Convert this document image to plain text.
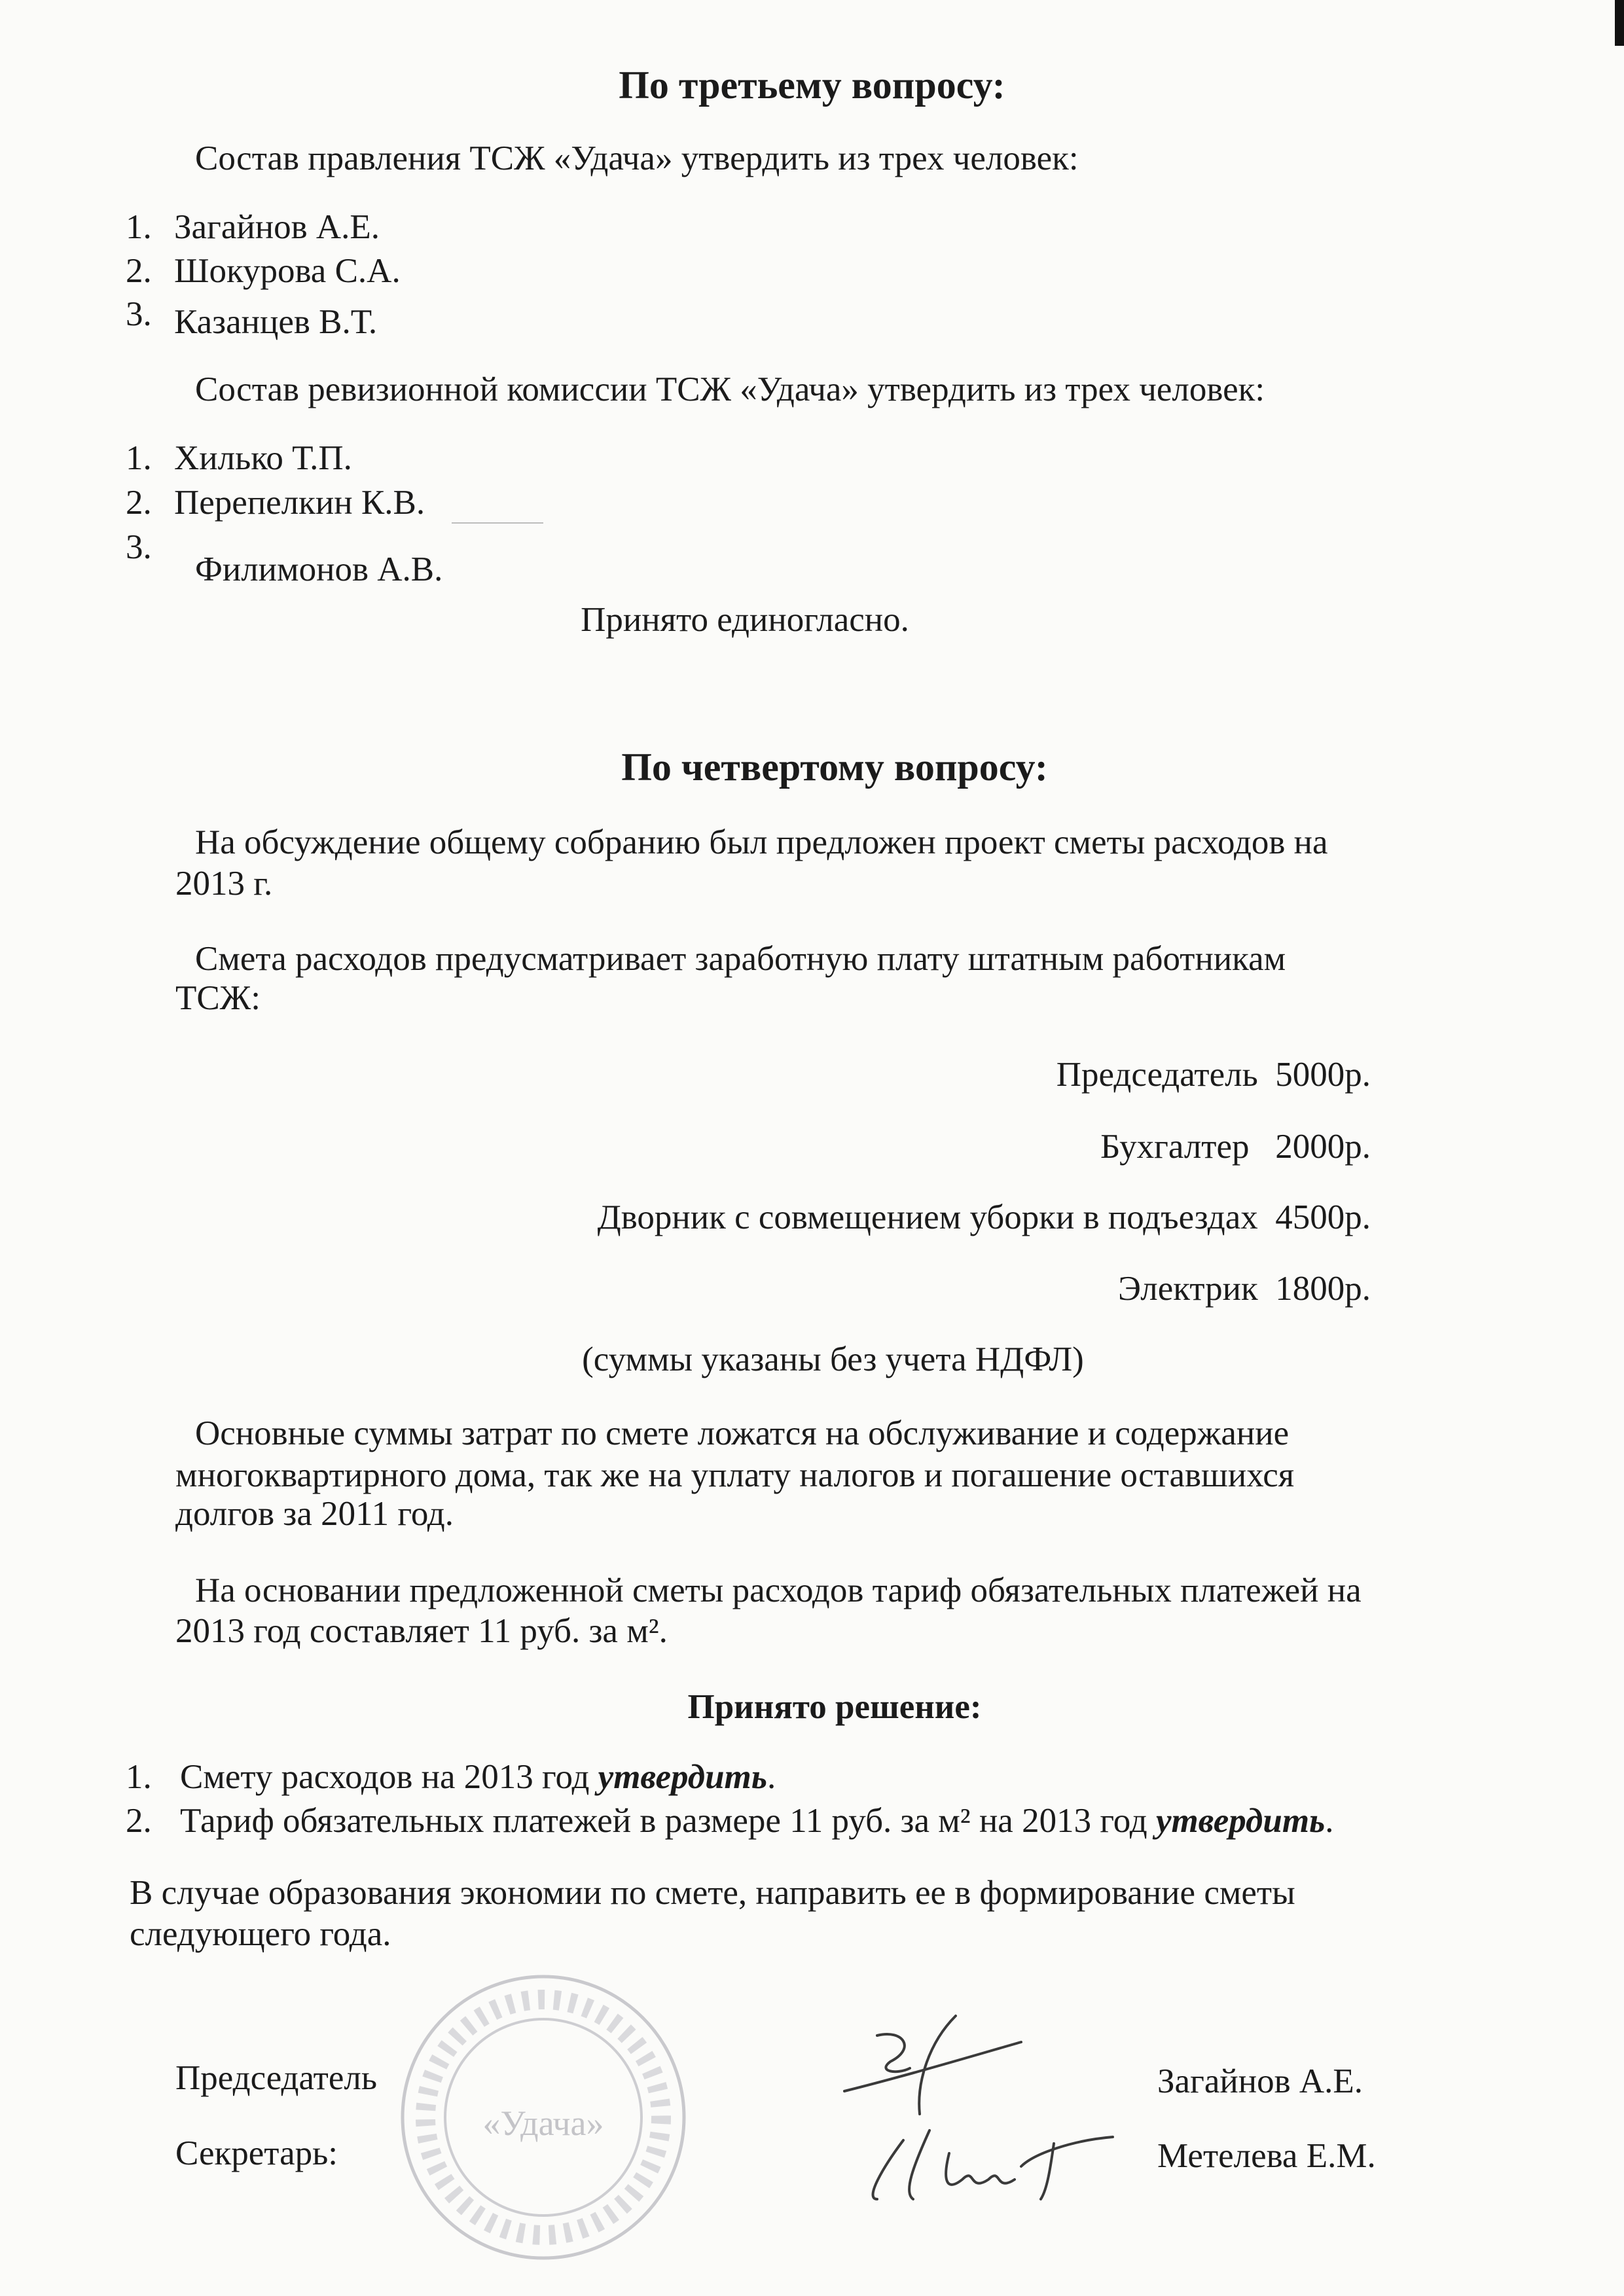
По третьему вопросу:
Состав правления ТСЖ «Удача» утвердить из трех человек:
1. Загайнов А.Е.
2. Шокурова С.А.
3. Казанцев В.Т.
Состав ревизионной комиссии ТСЖ «Удача» утвердить из трех человек:
1. Хилько Т.П.
2. Перепелкин К.В.
3.
Филимонов А.В.
Принято единогласно.
По четвертому вопросу:
На обсуждение общему собранию был предложен проект сметы расходов на
2013 г.
Смета расходов предусматривает заработную плату штатным работникам
ТСЖ:
Председатель 5000р.
Бухгалтер 2000р.
Дворник с совмещением уборки в подъездах 4500р.
Электрик 1800р.
(суммы указаны без учета НДФЛ)
Основные суммы затрат по смете ложатся на обслуживание и содержание
многоквартирного дома, так же на уплату налогов и погашение оставшихся
долгов за 2011 год.
На основании предложенной сметы расходов тариф обязательных платежей на
2013 год составляет 11 руб. за м².
Принято решение:
1. Смету расходов на 2013 год утвердить.
2. Тариф обязательных платежей в размере 11 руб. за м² на 2013 год утвердить.
В случае образования экономии по смете, направить ее в формирование сметы
следующего года.
«Удача»
Председатель	Загайнов А.Е.
Секретарь:	Метелева Е.М.
